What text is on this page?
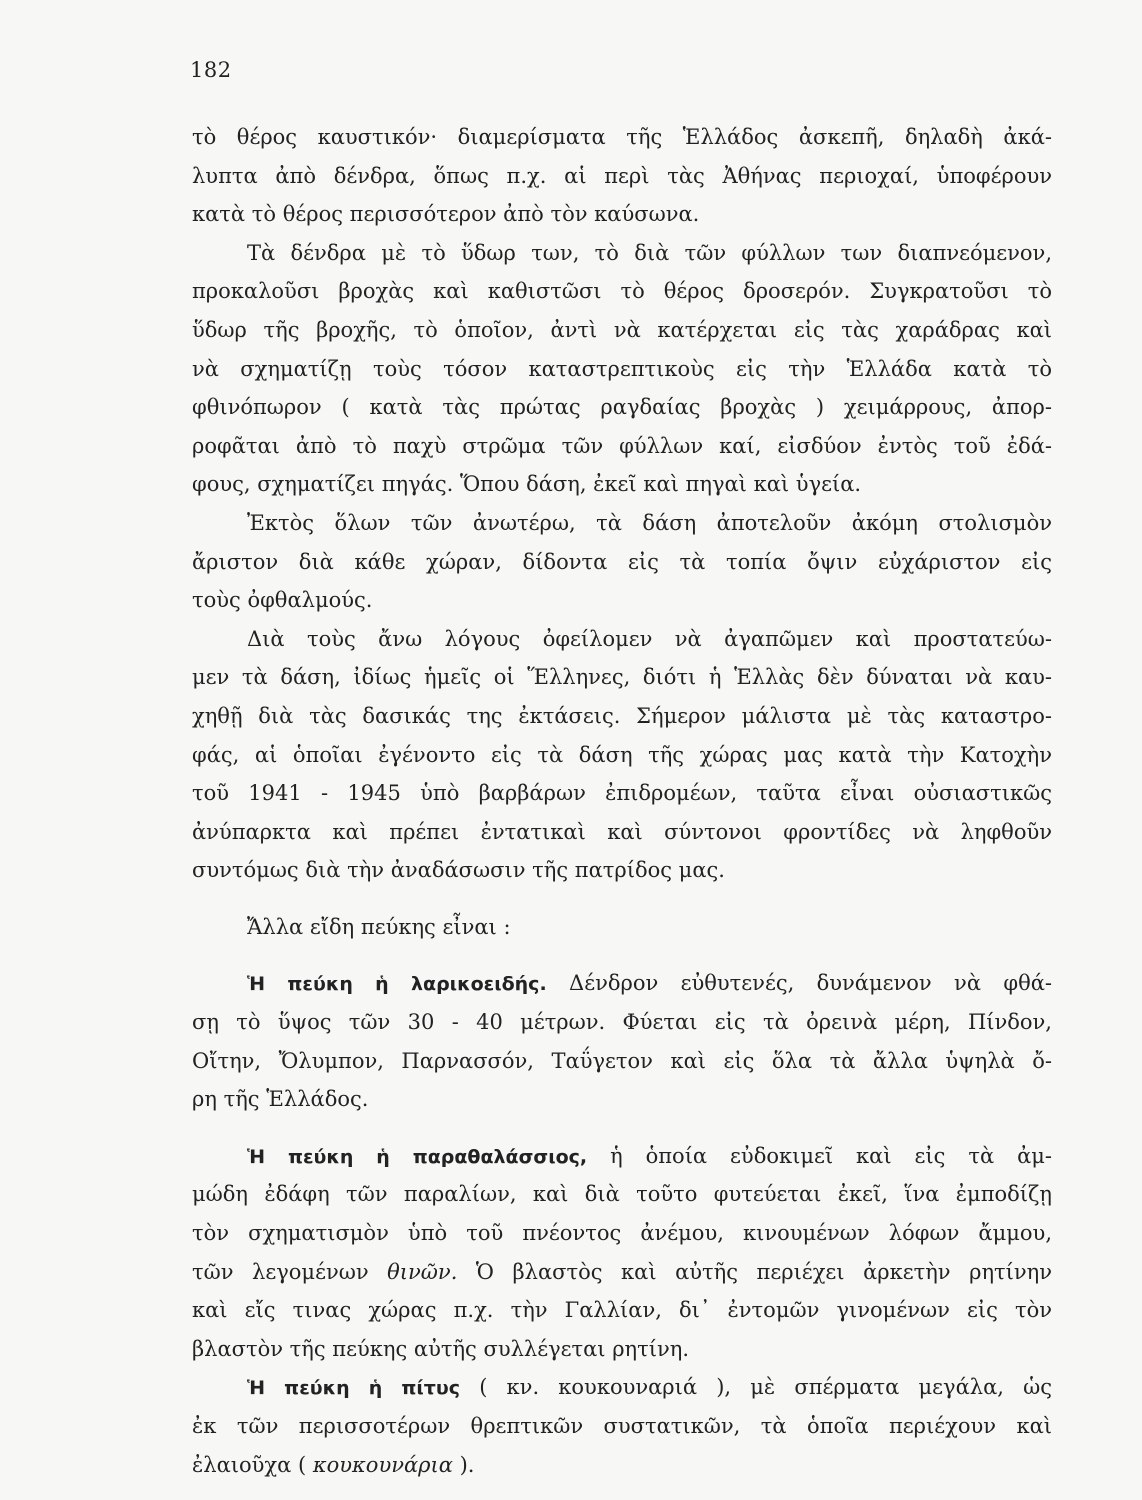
182
τὸ θέρος καυστικόν· διαμερίσματα τῆς Ἑλλάδος ἀσκεπῆ, δηλαδὴ ἀκά-
λυπτα ἀπὸ δένδρα, ὅπως π.χ. αἱ περὶ τὰς Ἀθήνας περιοχαί, ὑποφέρουν
κατὰ τὸ θέρος περισσότερον ἀπὸ τὸν καύσωνα.
Τὰ δένδρα μὲ τὸ ὕδωρ των, τὸ διὰ τῶν φύλλων των διαπνεόμενον,
προκαλοῦσι βροχὰς καὶ καθιστῶσι τὸ θέρος δροσερόν. Συγκρατοῦσι τὸ
ὕδωρ τῆς βροχῆς, τὸ ὁποῖον, ἀντὶ νὰ κατέρχεται εἰς τὰς χαράδρας καὶ
νὰ σχηματίζῃ τοὺς τόσον καταστρεπτικοὺς εἰς τὴν Ἑλλάδα κατὰ τὸ
φθινόπωρον ( κατὰ τὰς πρώτας ραγδαίας βροχὰς ) χειμάρρους, ἀπορ-
ροφᾶται ἀπὸ τὸ παχὺ στρῶμα τῶν φύλλων καί, εἰσδύον ἐντὸς τοῦ ἐδά-
φους, σχηματίζει πηγάς. Ὅπου δάση, ἐκεῖ καὶ πηγαὶ καὶ ὑγεία.
Ἐκτὸς ὅλων τῶν ἀνωτέρω, τὰ δάση ἀποτελοῦν ἀκόμη στολισμὸν
ἄριστον διὰ κάθε χώραν, δίδοντα εἰς τὰ τοπία ὄψιν εὐχάριστον εἰς
τοὺς ὀφθαλμούς.
Διὰ τοὺς ἄνω λόγους ὀφείλομεν νὰ ἀγαπῶμεν καὶ προστατεύω-
μεν τὰ δάση, ἰδίως ἡμεῖς οἱ Ἕλληνες, διότι ἡ Ἑλλὰς δὲν δύναται νὰ καυ-
χηθῇ διὰ τὰς δασικάς της ἐκτάσεις. Σήμερον μάλιστα μὲ τὰς καταστρο-
φάς, αἱ ὁποῖαι ἐγένοντο εἰς τὰ δάση τῆς χώρας μας κατὰ τὴν Κατοχὴν
τοῦ 1941 - 1945 ὑπὸ βαρβάρων ἐπιδρομέων, ταῦτα εἶναι οὐσιαστικῶς
ἀνύπαρκτα καὶ πρέπει ἐντατικαὶ καὶ σύντονοι φροντίδες νὰ ληφθοῦν
συντόμως διὰ τὴν ἀναδάσωσιν τῆς πατρίδος μας.
Ἄλλα εἴδη πεύκης εἶναι :
Ἡ πεύκη ἡ λαρικοειδής. Δένδρον εὐθυτενές, δυνάμενον νὰ φθά-
σῃ τὸ ὕψος τῶν 30 - 40 μέτρων. Φύεται εἰς τὰ ὀρεινὰ μέρη, Πίνδον,
Οἴτην, Ὄλυμπον, Παρνασσόν, Ταΰγετον καὶ εἰς ὅλα τὰ ἄλλα ὑψηλὰ ὄ-
ρη τῆς Ἑλλάδος.
Ἡ πεύκη ἡ παραθαλάσσιος, ἡ ὁποία εὐδοκιμεῖ καὶ εἰς τὰ ἀμ-
μώδη ἐδάφη τῶν παραλίων, καὶ διὰ τοῦτο φυτεύεται ἐκεῖ, ἵνα ἐμποδίζῃ
τὸν σχηματισμὸν ὑπὸ τοῦ πνέοντος ἀνέμου, κινουμένων λόφων ἄμμου,
τῶν λεγομένων θινῶν. Ὁ βλαστὸς καὶ αὐτῆς περιέχει ἀρκετὴν ρητίνην
καὶ εἴς τινας χώρας π.χ. τὴν Γαλλίαν, δι᾽ ἐντομῶν γινομένων εἰς τὸν
βλαστὸν τῆς πεύκης αὐτῆς συλλέγεται ρητίνη.
Ἡ πεύκη ἡ πίτυς ( κν. κουκουναριά ), μὲ σπέρματα μεγάλα, ὡς
ἐκ τῶν περισσοτέρων θρεπτικῶν συστατικῶν, τὰ ὁποῖα περιέχουν καὶ
ἐλαιοῦχα ( κουκουνάρια ).
